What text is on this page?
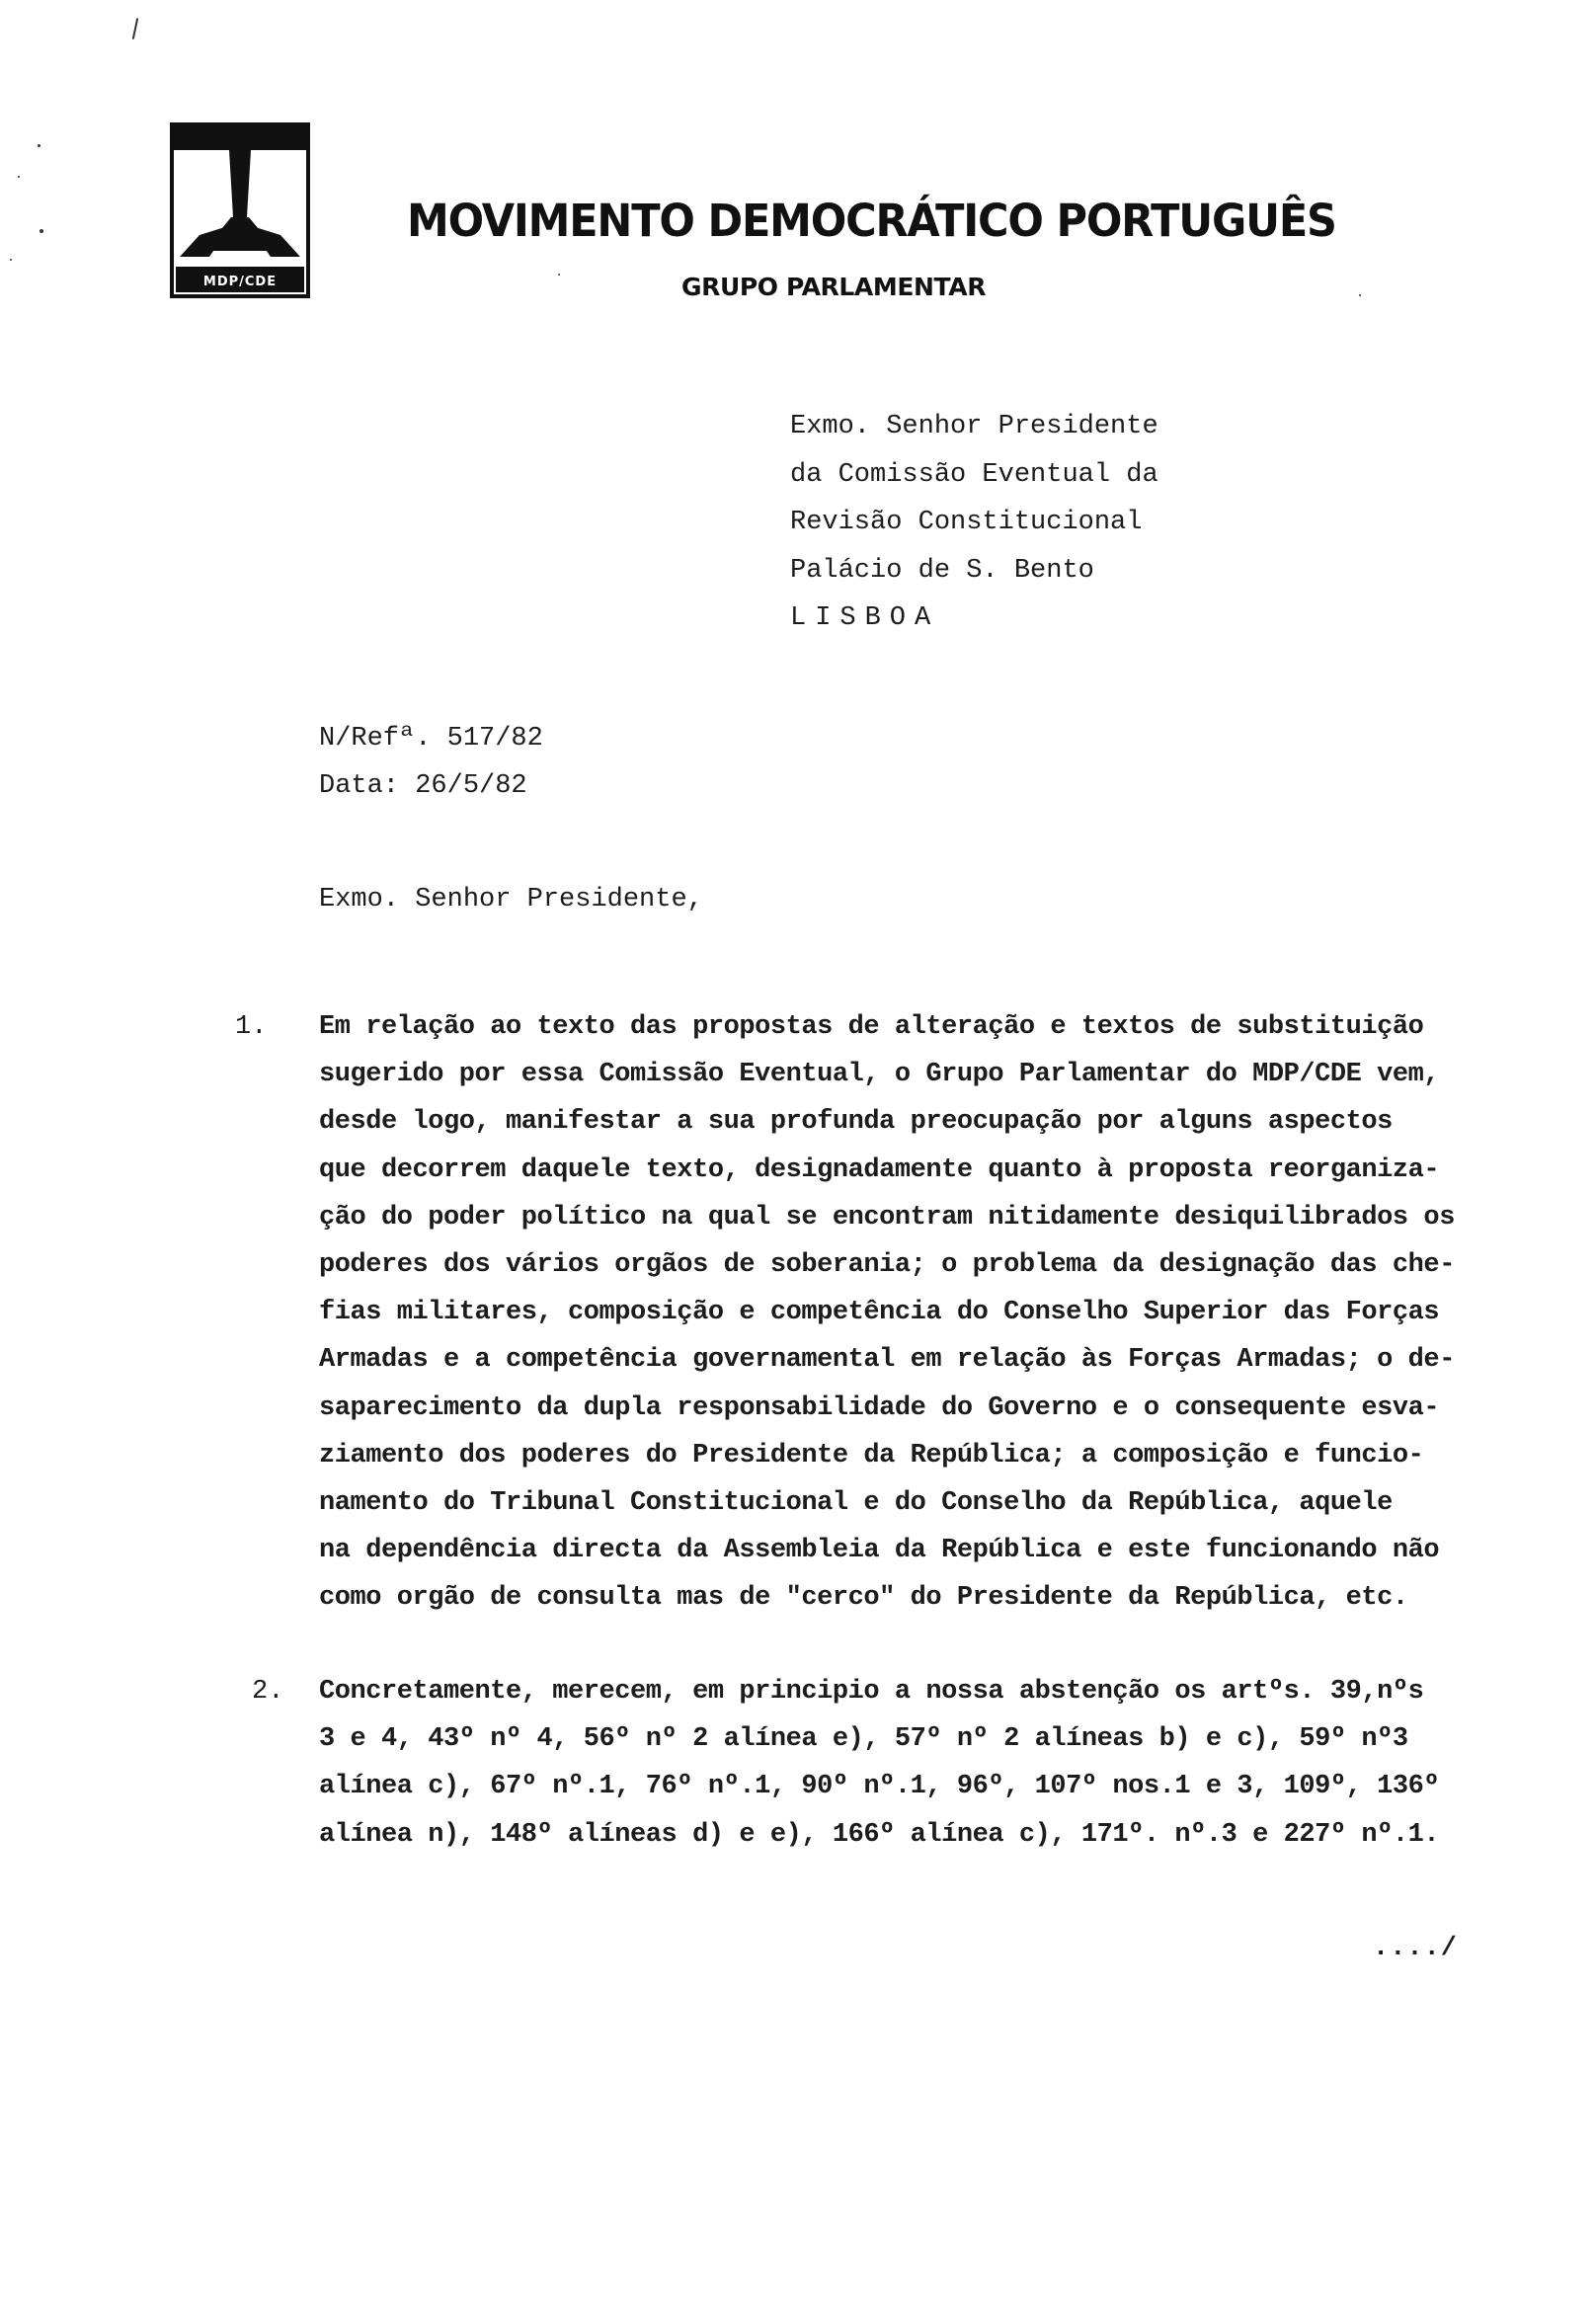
MDP/CDE
MOVIMENTO DEMOCRÁTICO PORTUGUÊS
GRUPO PARLAMENTAR
Exmo. Senhor Presidente
da Comissão Eventual da
Revisão Constitucional
Palácio de S. Bento
LISBOA
N/Refª. 517/82
Data: 26/5/82
Exmo. Senhor Presidente,
1. Em relação ao texto das propostas de alteração e textos de substituição
sugerido por essa Comissão Eventual, o Grupo Parlamentar do MDP/CDE vem,
desde logo, manifestar a sua profunda preocupação por alguns aspectos
que decorrem daquele texto, designadamente quanto à proposta reorganiza-
ção do poder político na qual se encontram nitidamente desiquilibrados os
poderes dos vários orgãos de soberania; o problema da designação das che-
fias militares, composição e competência do Conselho Superior das Forças
Armadas e a competência governamental em relação às Forças Armadas; o de-
saparecimento da dupla responsabilidade do Governo e o consequente esva-
ziamento dos poderes do Presidente da República; a composição e funcio-
namento do Tribunal Constitucional e do Conselho da República, aquele
na dependência directa da Assembleia da República e este funcionando não
como orgão de consulta mas de "cerco" do Presidente da República, etc.
2. Concretamente, merecem, em principio a nossa abstenção os artºs. 39,nºs
3 e 4, 43º nº 4, 56º nº 2 alínea e), 57º nº 2 alíneas b) e c), 59º nº3
alínea c), 67º nº.1, 76º nº.1, 90º nº.1, 96º, 107º nos.1 e 3, 109º, 136º
alínea n), 148º alíneas d) e e), 166º alínea c), 171º. nº.3 e 227º nº.1.
..../
